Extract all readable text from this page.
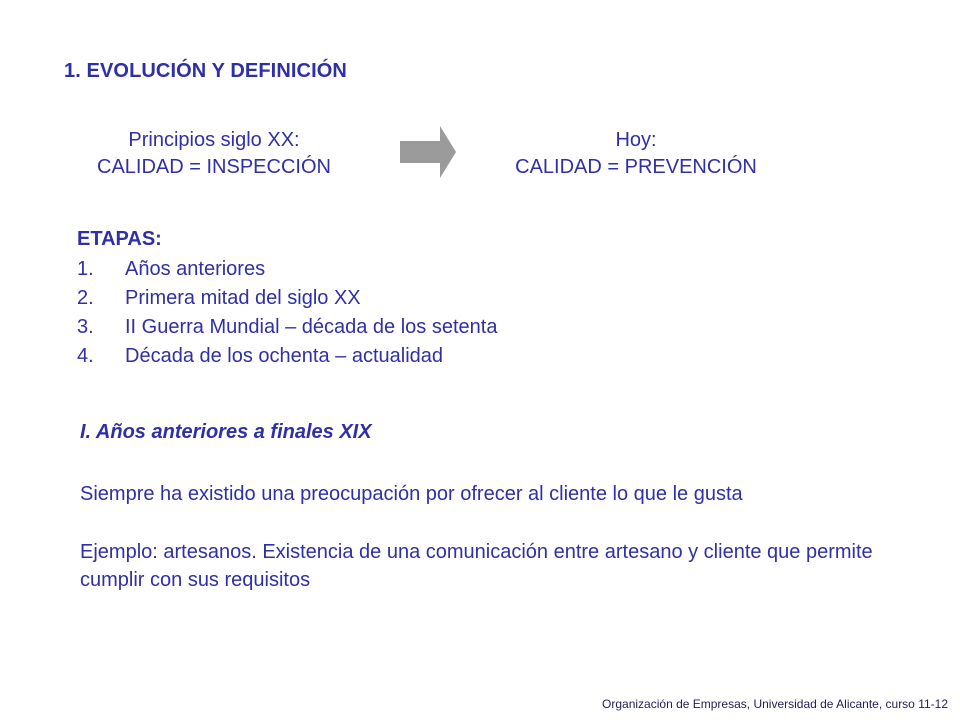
1. EVOLUCIÓN Y DEFINICIÓN
Principios siglo XX:
CALIDAD = INSPECCIÓN
Hoy:
CALIDAD = PREVENCIÓN
ETAPAS:
1.	Años anteriores
2.	Primera mitad del siglo XX
3.	II Guerra Mundial – década de los setenta
4.	Década de los ochenta – actualidad
I. Años anteriores a finales XIX
Siempre ha existido una preocupación por ofrecer al cliente lo que le gusta
Ejemplo: artesanos. Existencia de una comunicación entre artesano y cliente que permite cumplir con sus requisitos
Organización de Empresas, Universidad de Alicante, curso 11-12
